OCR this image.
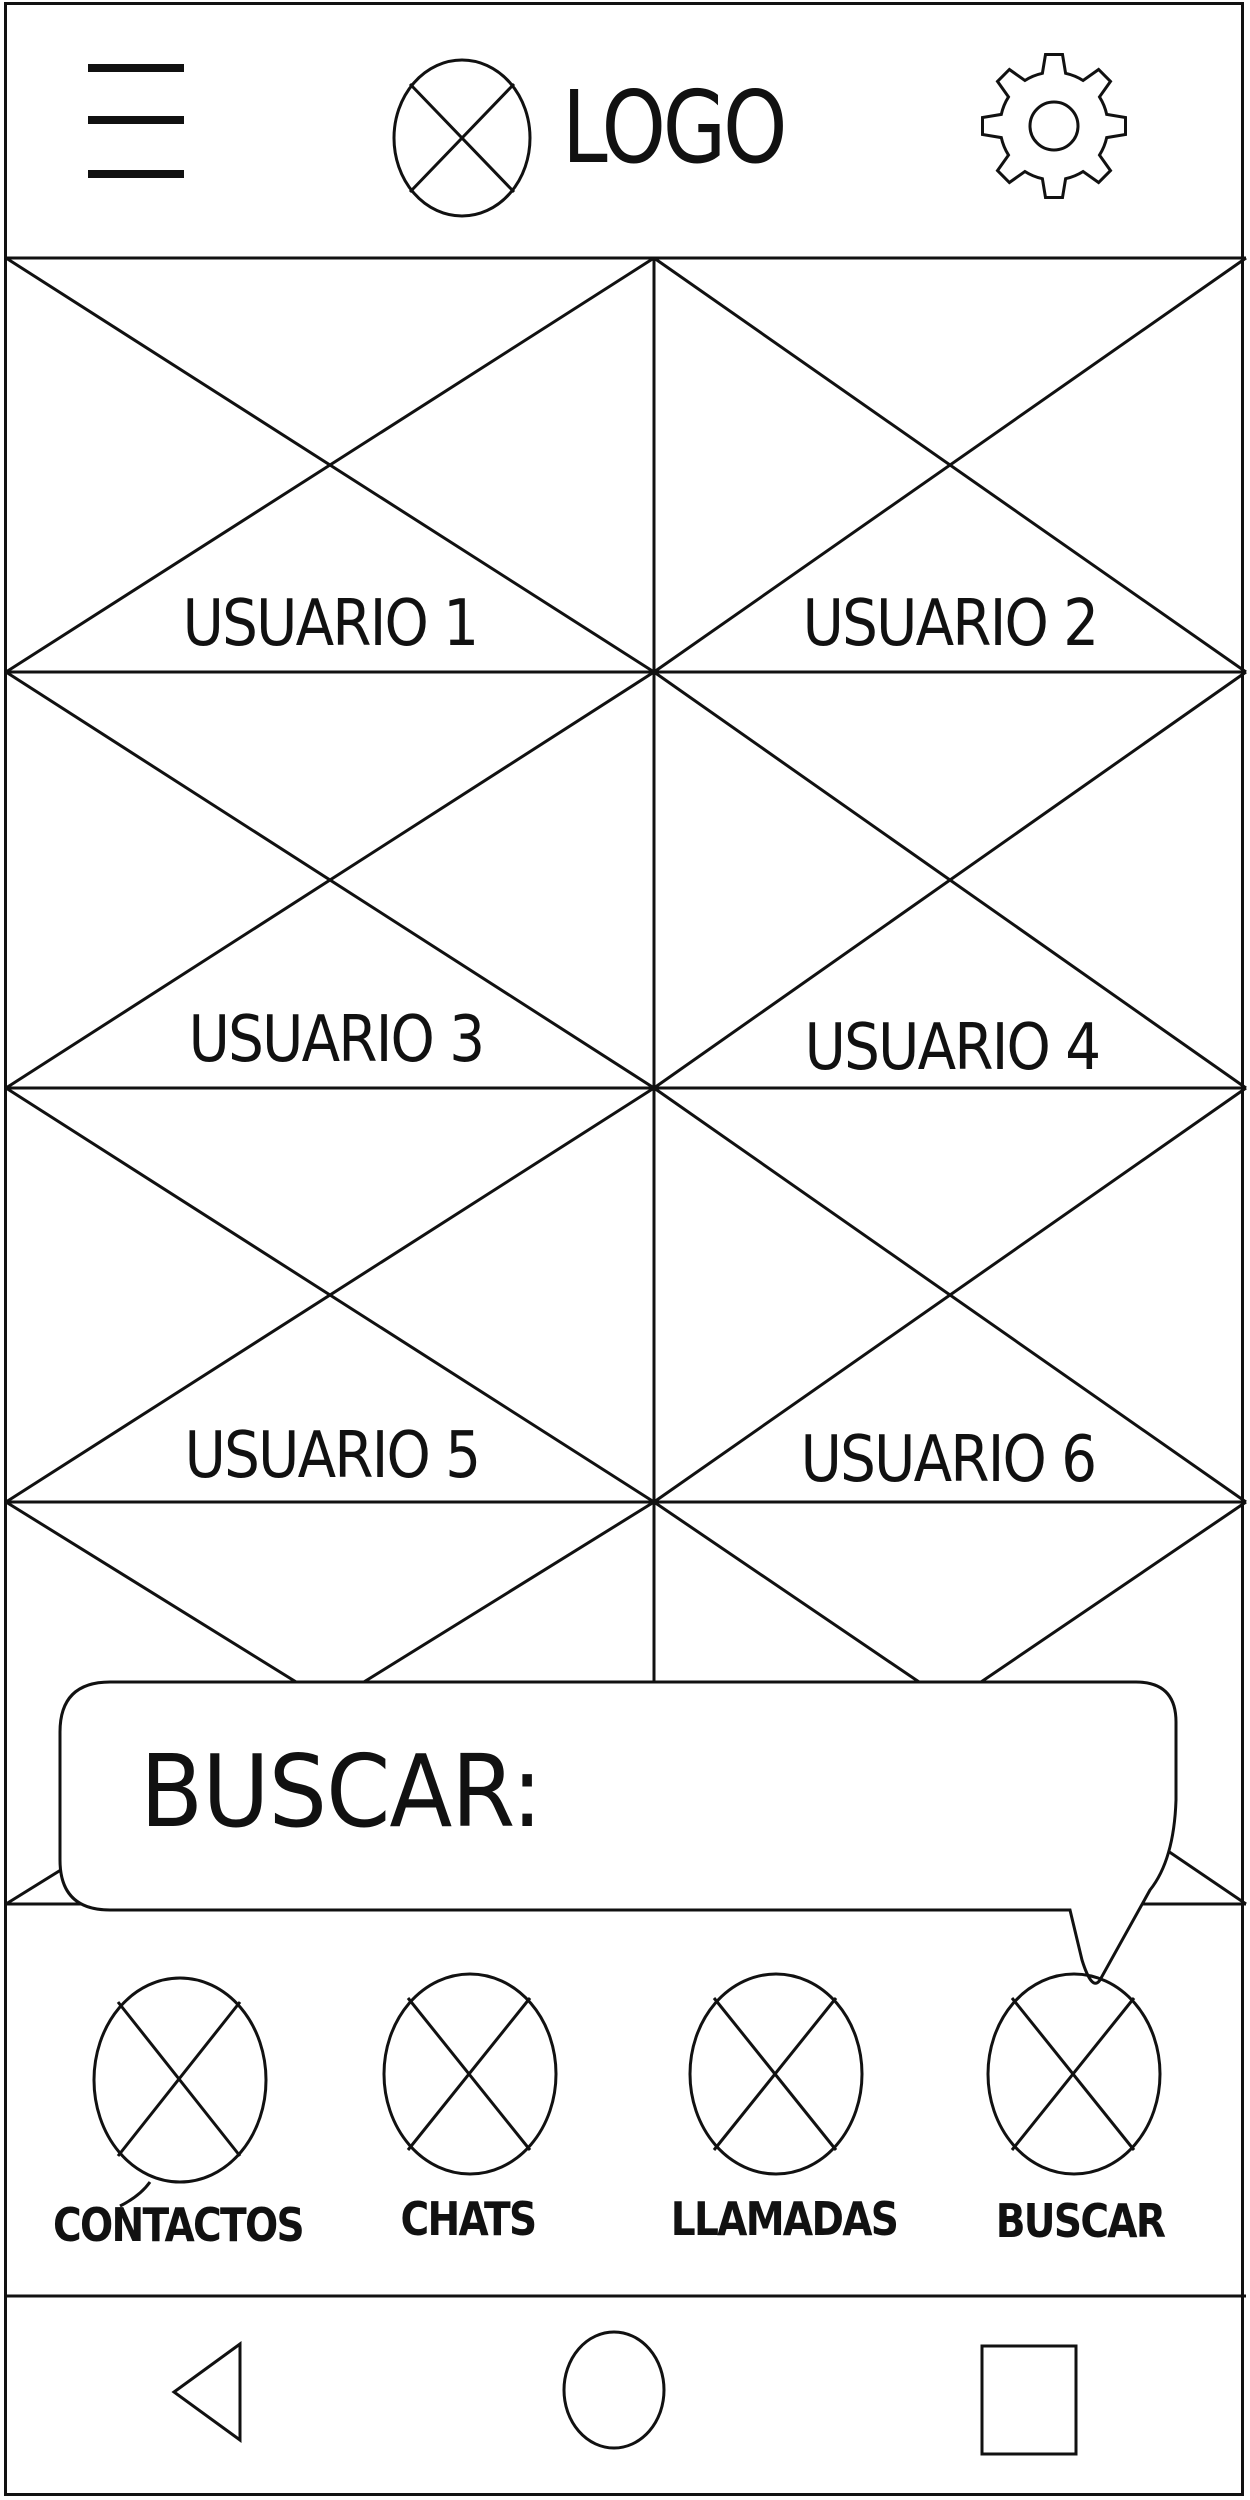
LOGO
USUARIO 1	USUARIO 2
USUARIO 3	USUARIO 4
USUARIO 5	USUARIO 6
BUSCAR:
CONTACTOS	CHATS	LLAMADAS	BUSCAR
